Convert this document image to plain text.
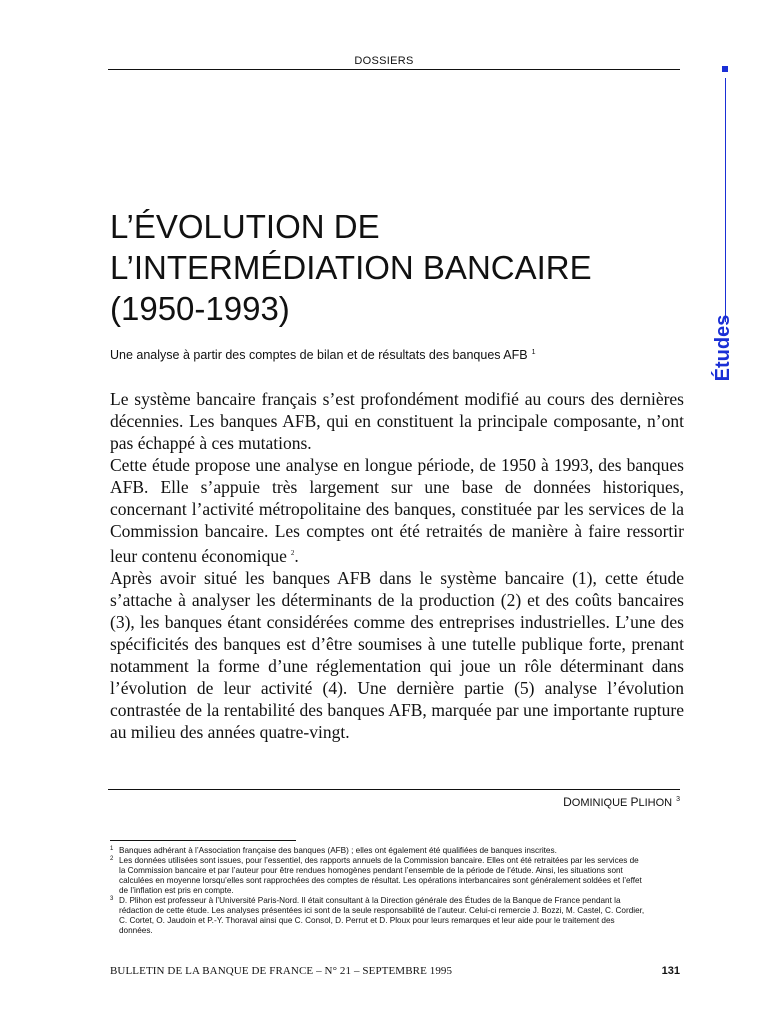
DOSSIERS
Études
L’ÉVOLUTION DE
L’INTERMÉDIATION BANCAIRE
(1950-1993)
Une analyse à partir des comptes de bilan et de résultats des banques AFB $^1$

Le système bancaire français s’est profondément modifié au cours des dernières décennies. Les banques AFB, qui en constituent la principale composante, n’ont pas échappé à ces mutations.

Cette étude propose une analyse en longue période, de 1950 à 1993, des banques AFB. Elle s’appuie très largement sur une base de données historiques, concernant l’activité métropolitaine des banques, constituée par les services de la Commission bancaire. Les comptes ont été retraités de manière à faire ressortir leur contenu économique $^2$.

Après avoir situé les banques AFB dans le système bancaire (1), cette étude s’attache à analyser les déterminants de la production (2) et des coûts bancaires (3), les banques étant considérées comme des entreprises industrielles. L’une des spécificités des banques est d’être soumises à une tutelle publique forte, prenant notamment la forme d’une réglementation qui joue un rôle déterminant dans l’évolution de leur activité (4). Une dernière partie (5) analyse l’évolution contrastée de la rentabilité des banques AFB, marquée par une importante rupture au milieu des années quatre-vingt.

DOMINIQUE PLIHON $^3$
1 Banques adhérant à l’Association française des banques (AFB) ; elles ont également été qualifiées de banques inscrites.
2 Les données utilisées sont issues, pour l’essentiel, des rapports annuels de la Commission bancaire. Elles ont été retraitées par les services de la Commission bancaire et par l’auteur pour être rendues homogènes pendant l’ensemble de la période de l’étude. Ainsi, les situations sont calculées en moyenne lorsqu’elles sont rapprochées des comptes de résultat. Les opérations interbancaires sont généralement soldées et l’effet de l’inflation est pris en compte.
3 D. Plihon est professeur à l’Université Paris-Nord. Il était consultant à la Direction générale des Études de la Banque de France pendant la rédaction de cette étude. Les analyses présentées ici sont de la seule responsabilité de l’auteur. Celui-ci remercie J. Bozzi, M. Castel, C. Cordier, C. Cortet, O. Jaudoin et P.-Y. Thoraval ainsi que C. Consol, D. Perrut et D. Ploux pour leurs remarques et leur aide pour le traitement des données.
BULLETIN DE LA BANQUE DE FRANCE – N° 21 – SEPTEMBRE 1995	131
